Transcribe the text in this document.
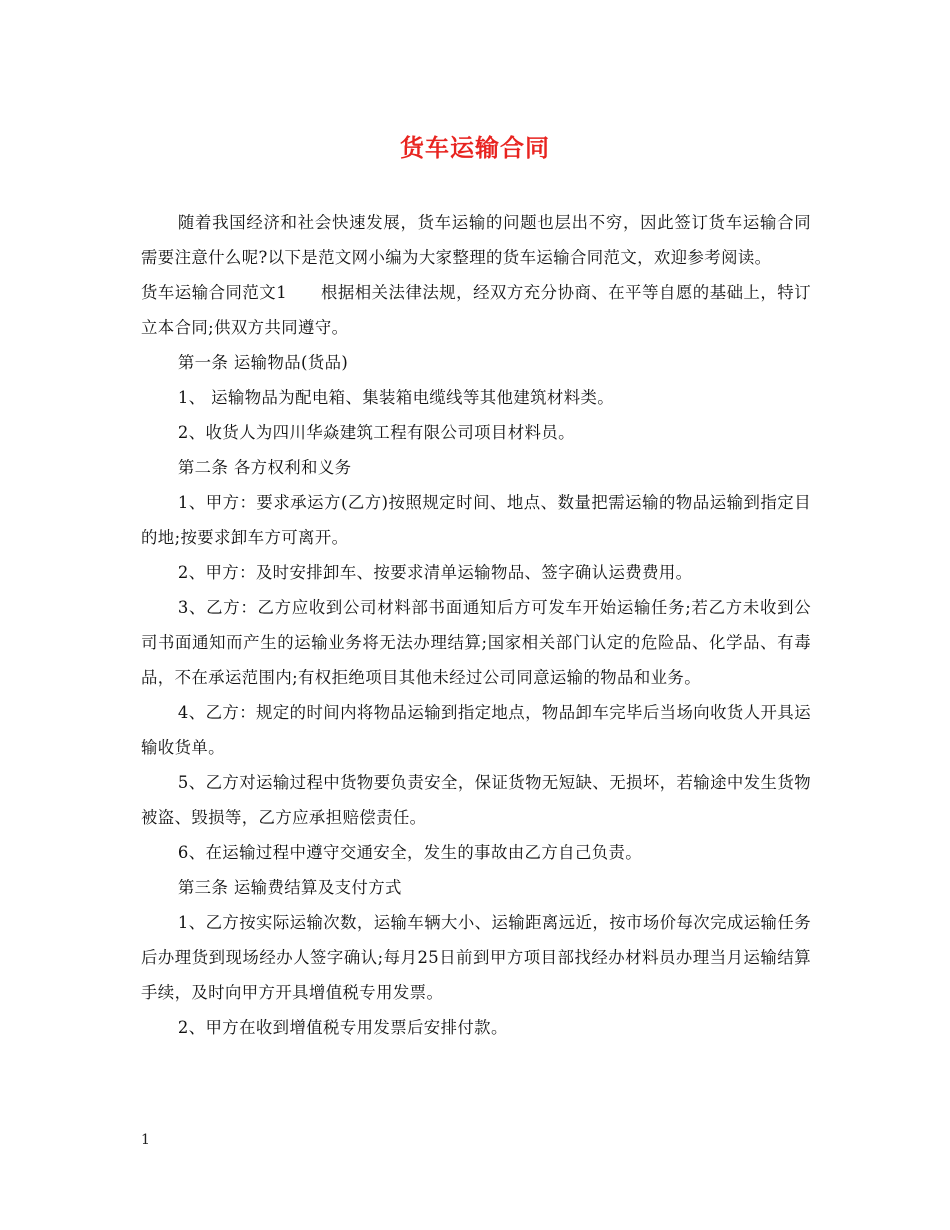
货车运输合同

随着我国经济和社会快速发展，货车运输的问题也层出不穷，因此签订货车运输合同需要注意什么呢?以下是范文网小编为大家整理的货车运输合同范文，欢迎参考阅读。

货车运输合同范文1　　根据相关法律法规，经双方充分协商、在平等自愿的基础上，特订立本合同;供双方共同遵守。

第一条 运输物品(货品)

1、 运输物品为配电箱、集装箱电缆线等其他建筑材料类。

2、收货人为四川华焱建筑工程有限公司项目材料员。

第二条 各方权利和义务

1、甲方：要求承运方(乙方)按照规定时间、地点、数量把需运输的物品运输到指定目的地;按要求卸车方可离开。

2、甲方：及时安排卸车、按要求清单运输物品、签字确认运费费用。

3、乙方：乙方应收到公司材料部书面通知后方可发车开始运输任务;若乙方未收到公司书面通知而产生的运输业务将无法办理结算;国家相关部门认定的危险品、化学品、有毒品，不在承运范围内;有权拒绝项目其他未经过公司同意运输的物品和业务。

4、乙方：规定的时间内将物品运输到指定地点，物品卸车完毕后当场向收货人开具运输收货单。

5、乙方对运输过程中货物要负责安全，保证货物无短缺、无损坏，若输途中发生货物被盗、毁损等，乙方应承担赔偿责任。

6、在运输过程中遵守交通安全，发生的事故由乙方自己负责。

第三条 运输费结算及支付方式

1、乙方按实际运输次数，运输车辆大小、运输距离远近，按市场价每次完成运输任务后办理货到现场经办人签字确认;每月25日前到甲方项目部找经办材料员办理当月运输结算手续，及时向甲方开具增值税专用发票。

2、甲方在收到增值税专用发票后安排付款。

1
